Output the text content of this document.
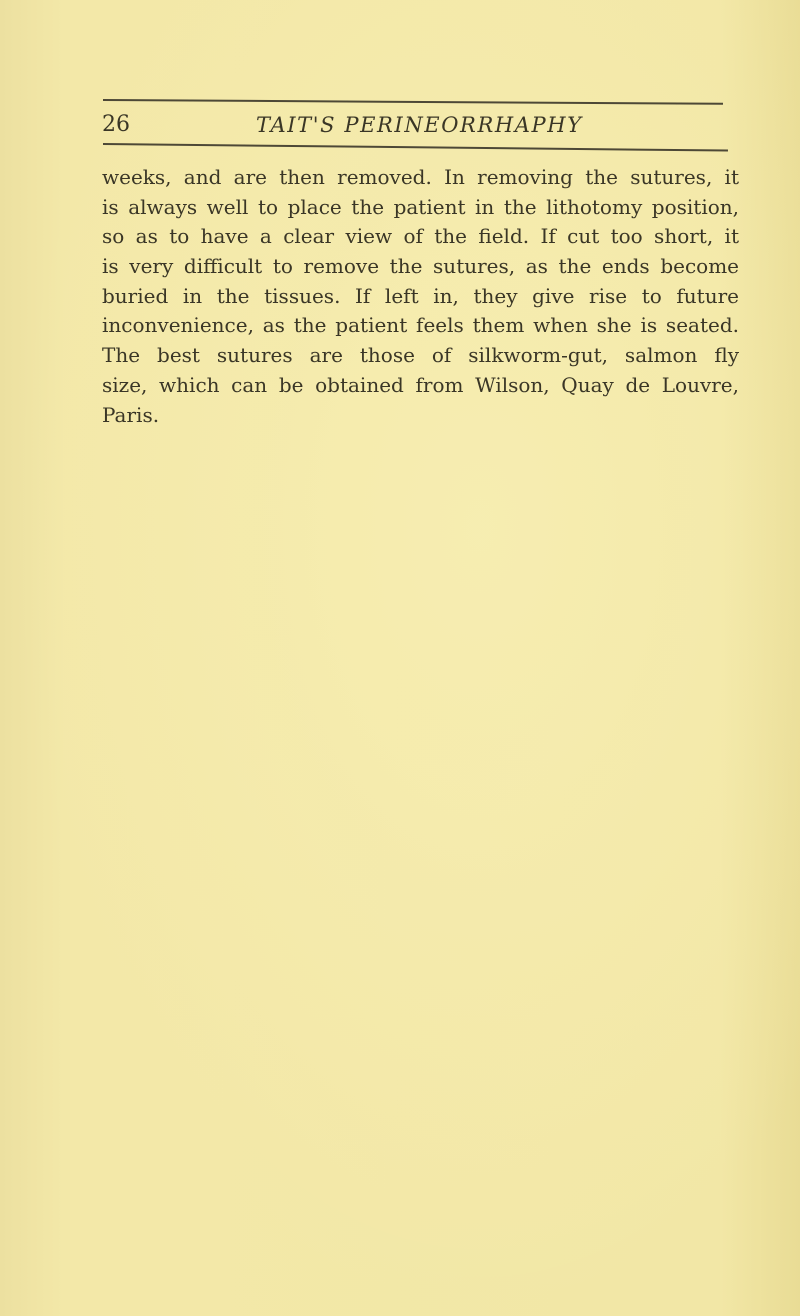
26	TAIT'S PERINEORRHAPHY
weeks, and are then removed. In removing the sutures, it
is always well to place the patient in the lithotomy position,
so as to have a clear view of the field. If cut too short, it
is very difficult to remove the sutures, as the ends become
buried in the tissues. If left in, they give rise to future
inconvenience, as the patient feels them when she is seated.
The best sutures are those of silkworm-gut, salmon fly
size, which can be obtained from Wilson, Quay de Louvre,
Paris.
